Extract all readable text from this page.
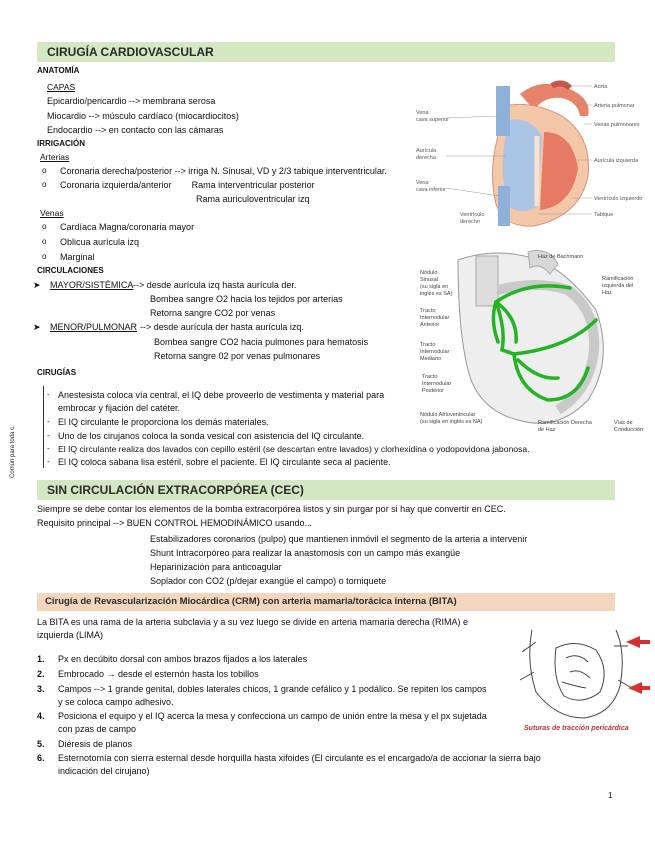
CIRUGÍA CARDIOVASCULAR
ANATOMÍA
CAPAS
Epicardio/pericardio --> membrana serosa
Miocardio --> músculo cardíaco (miocardiocitos)
Endocardio --> en contacto con las cámaras
IRRIGACIÓN
Arterias
o Coronaria derecha/posterior --> irriga N. Sinusal, VD y 2/3 tabique interventricular.
o Coronaria izquierda/anterior        Rama interventricular posterior
Rama auriculoventricular izq
Venas
o Cardíaca Magna/coronaria mayor
o Oblicua aurícula izq
o Marginal
CIRCULACIONES
➤ MAYOR/SISTÉMICA --> desde aurícula izq hasta aurícula der.
Bombea sangre O2 hacia los tejidos por arterias
Retorna sangre CO2 por venas
➤ MENOR/PULMONAR --> desde aurícula der hasta aurícula izq.
Bombea sangre CO2 hacia pulmones para hematosis
Retorna sangre 02 por venas pulmonares
CIRUGÍAS
- Anestesista coloca vía central, el IQ debe proveerlo de vestimenta y material para
embrocar y fijación del catéter.
- El IQ circulante le proporciona los demás materiales.
- Uno de los cirujanos coloca la sonda vesical con asistencia del IQ circulante.
- El IQ circulante realiza dos lavados con cepillo estéril (se descartan entre lavados) y clorhexidina o yodopovidona jabonosa.
- El IQ coloca sabana lisa estéril, sobre el paciente. El IQ circulante seca al paciente.
Común para toda c.
SIN CIRCULACIÓN EXTRACORPÓREA (CEC)
Siempre se debe contar los elementos de la bomba extracorpórea listos y sin purgar por si hay que convertir en CEC.
Requisito principal --> BUEN CONTROL HEMODINÁMICO usando...
Estabilizadores coronarios (pulpo) que mantienen inmóvil el segmento de la arteria a intervenir
Shunt Intracorpóreo para realizar la anastomosis con un campo más exangüe
Heparinización para anticoagular
Soplador con CO2 (p/dejar exangüe el campo) o torniquete
Cirugía de Revascularización Miocárdica (CRM) con arteria mamaria/torácica interna (BITA)
La BITA es una rama de la arteria subclavia y a su vez luego se divide en arteria mamaria derecha (RIMA) e
izquierda (LIMA)
1. Px en decúbito dorsal con ambos brazos fijados a los laterales
2. Embrocado → desde el esternón hasta los tobillos
3. Campos --> 1 grande genital, dobles laterales chicos, 1 grande cefálico y 1 podálico. Se repiten los campos
y se coloca campo adhesivo.
4. Posiciona el equipo y el IQ acerca la mesa y confecciona un campo de unión entre la mesa y el px sujetada
con pzas de campo
5. Diéresis de planos
6. Esternotomía con sierra esternal desde horquilla hasta xifoides (El circulante es el encargado/a de accionar la sierra bajo
indicación del cirujano)
1
Vena
cava superior
Aurícula
derecha
Vena
cava inferior
Ventrículo
derecho
Aorta
Arteria pulmonar
Venas pulmonares
Aurícula izquierda
Ventrículo izquierdo
Tabique
Haz de Bachmann
Nódulo
Sinusal
(su sigla en
inglés es SA)
Tracto
Internodular
Anterior
Tracto
Internodular
Mediano
Tracto
Internodular
Posterior
Nódulo Atrioventricular
(su sigla en inglés es NA)
Ramificación
izquierda del
Haz
Ramificación Derecha
de Haz
Vías de
Conducción
Suturas de tracción pericárdica
